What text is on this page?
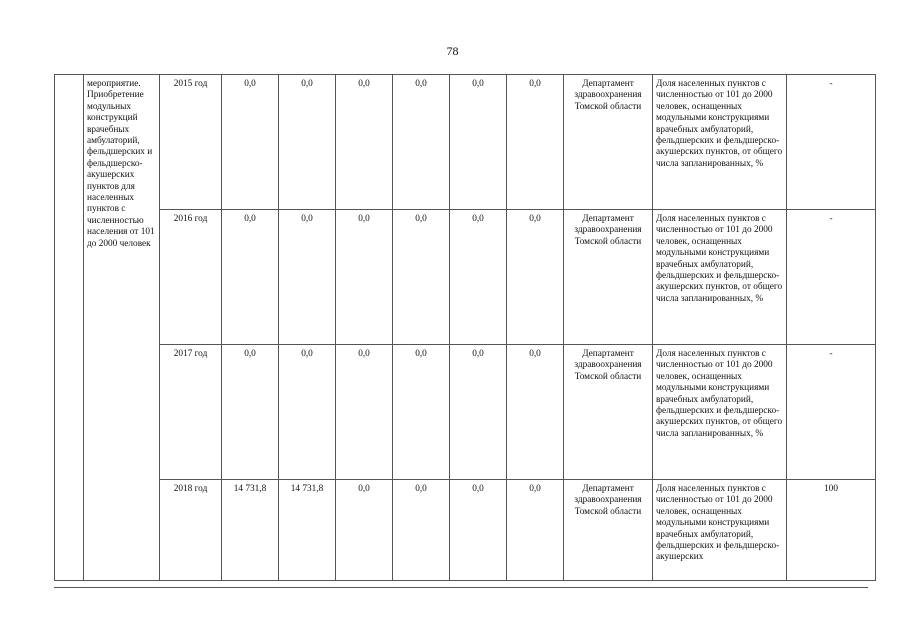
78
	мероприятие. Приобретение модульных конструкций врачебных амбулаторий, фельдшерских и фельдшерско-акушерских пунктов для населенных пунктов с численностью населения от 101 до 2000 человек	2015 год	0,0	0,0	0,0	0,0	0,0	0,0	Департамент здравоохранения Томской области	Доля населенных пунктов с численностью от 101 до 2000 человек, оснащенных модульными конструкциями врачебных амбулаторий, фельдшерских и фельдшерско-акушерских пунктов, от общего числа запланированных, %	-
		2016 год	0,0	0,0	0,0	0,0	0,0	0,0	Департамент здравоохранения Томской области	Доля населенных пунктов с численностью от 101 до 2000 человек, оснащенных модульными конструкциями врачебных амбулаторий, фельдшерских и фельдшерско-акушерских пунктов, от общего числа запланированных, %	-
		2017 год	0,0	0,0	0,0	0,0	0,0	0,0	Департамент здравоохранения Томской области	Доля населенных пунктов с численностью от 101 до 2000 человек, оснащенных модульными конструкциями врачебных амбулаторий, фельдшерских и фельдшерско-акушерских пунктов, от общего числа запланированных, %	-
		2018 год	14 731,8	14 731,8	0,0	0,0	0,0	0,0	Департамент здравоохранения Томской области	Доля населенных пунктов с численностью от 101 до 2000 человек, оснащенных модульными конструкциями врачебных амбулаторий, фельдшерских и фельдшерско-акушерских	100
